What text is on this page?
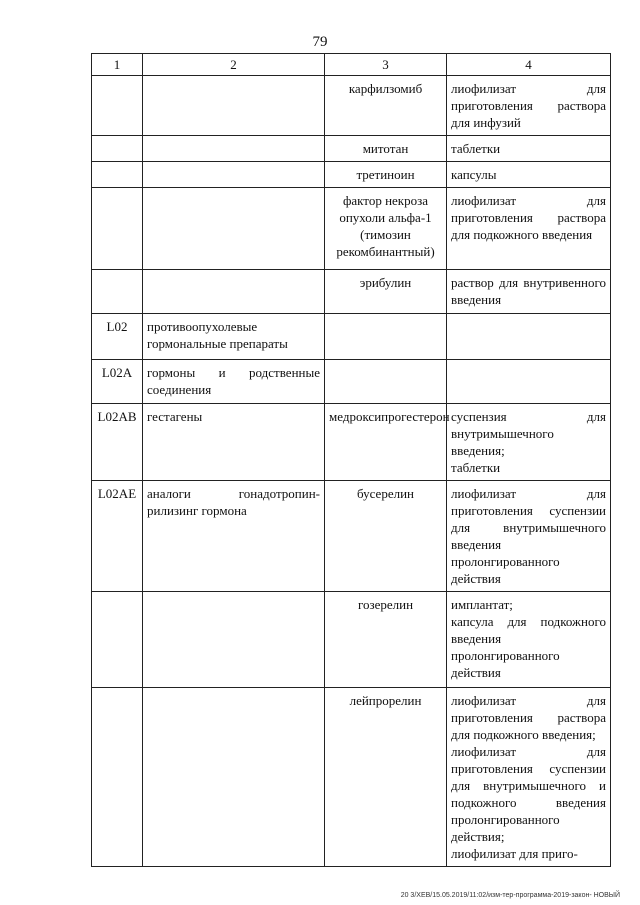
79
1	2	3	4
		карфилзомиб	лиофилизат для приготовления раствора для инфузий
		митотан	таблетки
		третиноин	капсулы
		фактор некроза опухоли альфа-1 (тимозин рекомбинантный)	лиофилизат для приготовления раствора для подкожного введения
		эрибулин	раствор для внутривенного введения
L02	противоопухолевые гормональные препараты		
L02A	гормоны и родственные соединения		
L02AB	гестагены	медроксипрогестерон	суспензия для внутримышечного введения;
таблетки

L02AE	аналоги гонадотропин-рилизинг гормона	бусерелин	лиофилизат для приготовления суспензии для внутримышечного введения пролонгированного действия
		гозерелин	имплантат;
капсула для подкожного введения пролонгированного действия

		лейпрорелин	лиофилизат для приготовления раствора для подкожного введения;
лиофилизат для приготовления суспензии для внутримышечного и подкожного введения пролонгированного действия;
лиофилизат для приго-
20 3/ХЕВ/15.05.2019/11:02/изм-тер-программа-2019-закон- НОВЫЙ
